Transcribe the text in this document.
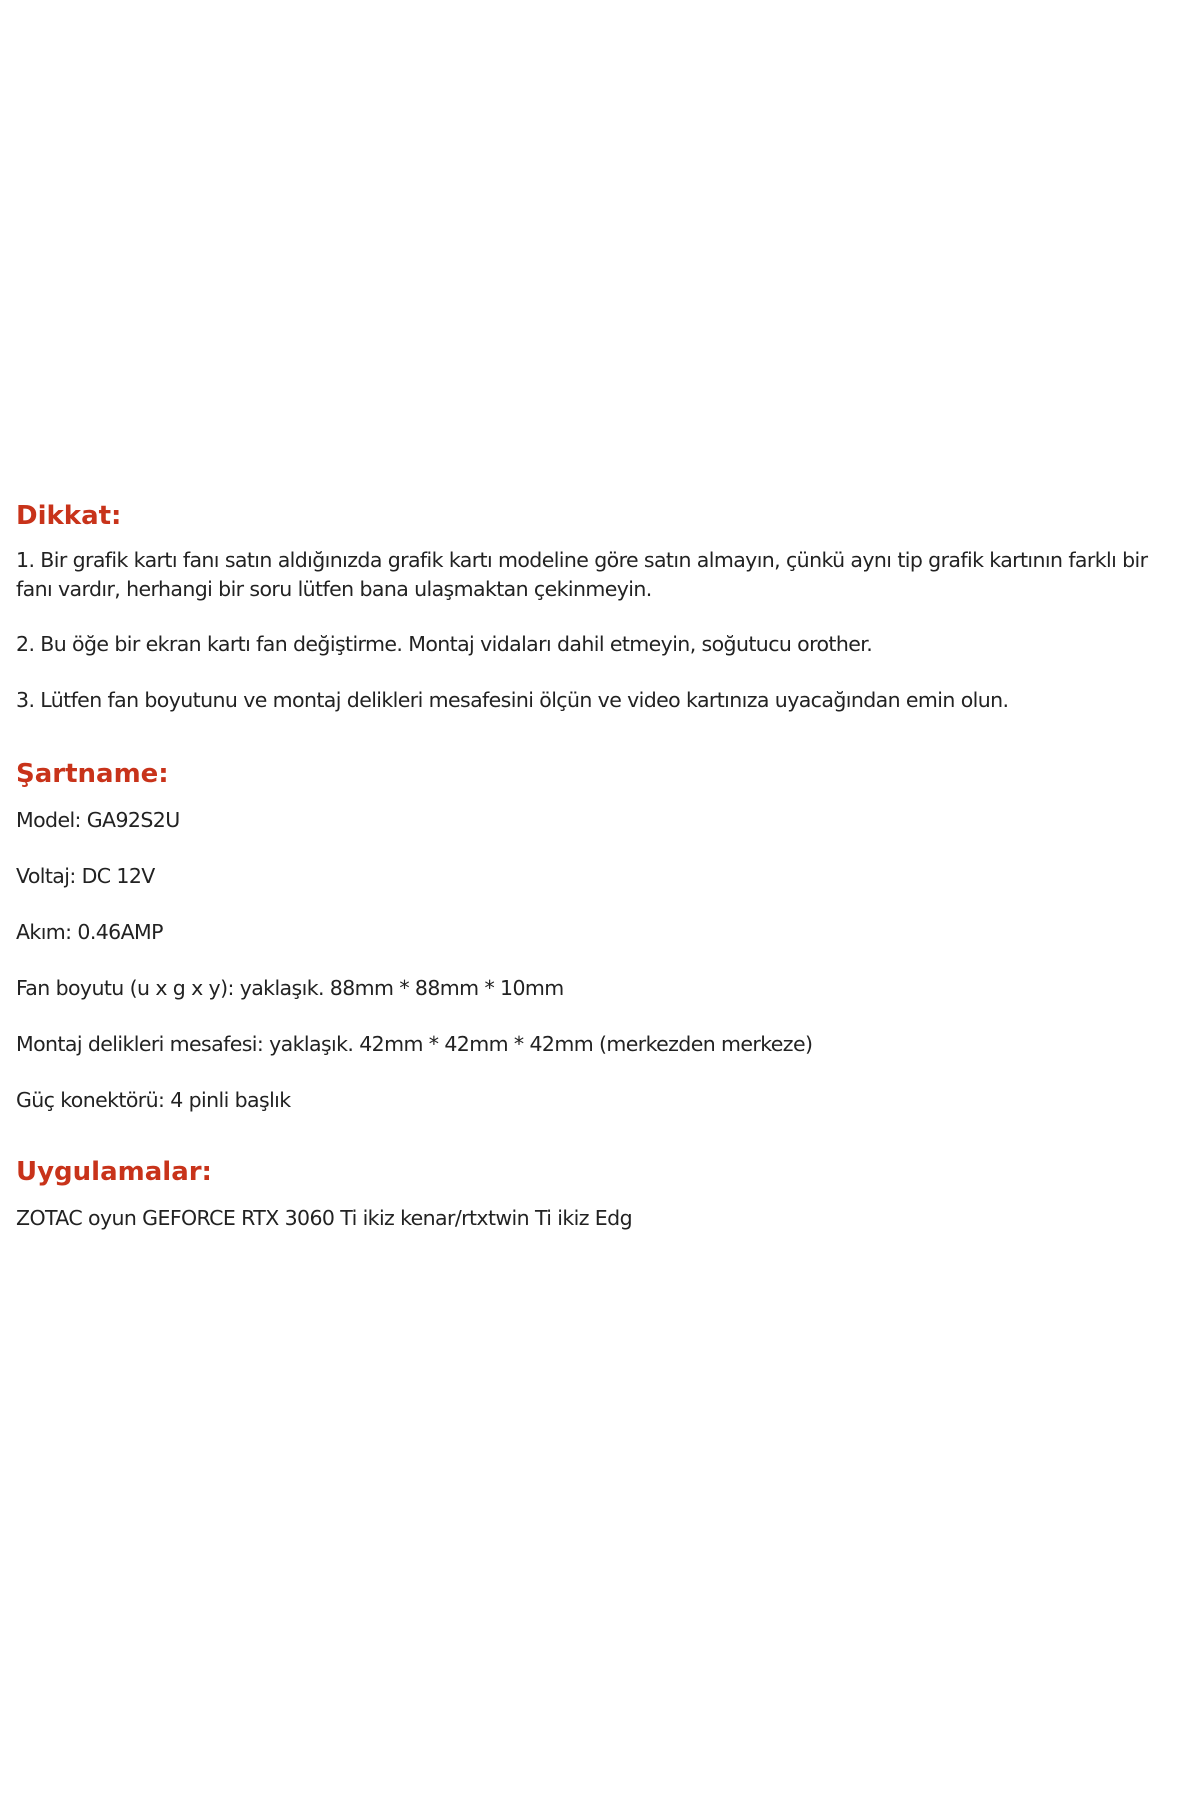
Dikkat:

1. Bir grafik kartı fanı satın aldığınızda grafik kartı modeline göre satın almayın, çünkü aynı tip grafik kartının farklı bir fanı vardır, herhangi bir soru lütfen bana ulaşmaktan çekinmeyin.

2. Bu öğe bir ekran kartı fan değiştirme. Montaj vidaları dahil etmeyin, soğutucu orother.

3. Lütfen fan boyutunu ve montaj delikleri mesafesini ölçün ve video kartınıza uyacağından emin olun.

Şartname:

Model: GA92S2U

Voltaj: DC 12V

Akım: 0.46AMP

Fan boyutu (u x g x y): yaklaşık. 88mm * 88mm * 10mm

Montaj delikleri mesafesi: yaklaşık. 42mm * 42mm * 42mm (merkezden merkeze)

Güç konektörü: 4 pinli başlık

Uygulamalar:

ZOTAC oyun GEFORCE RTX 3060 Ti ikiz kenar/rtxtwin Ti ikiz Edg
